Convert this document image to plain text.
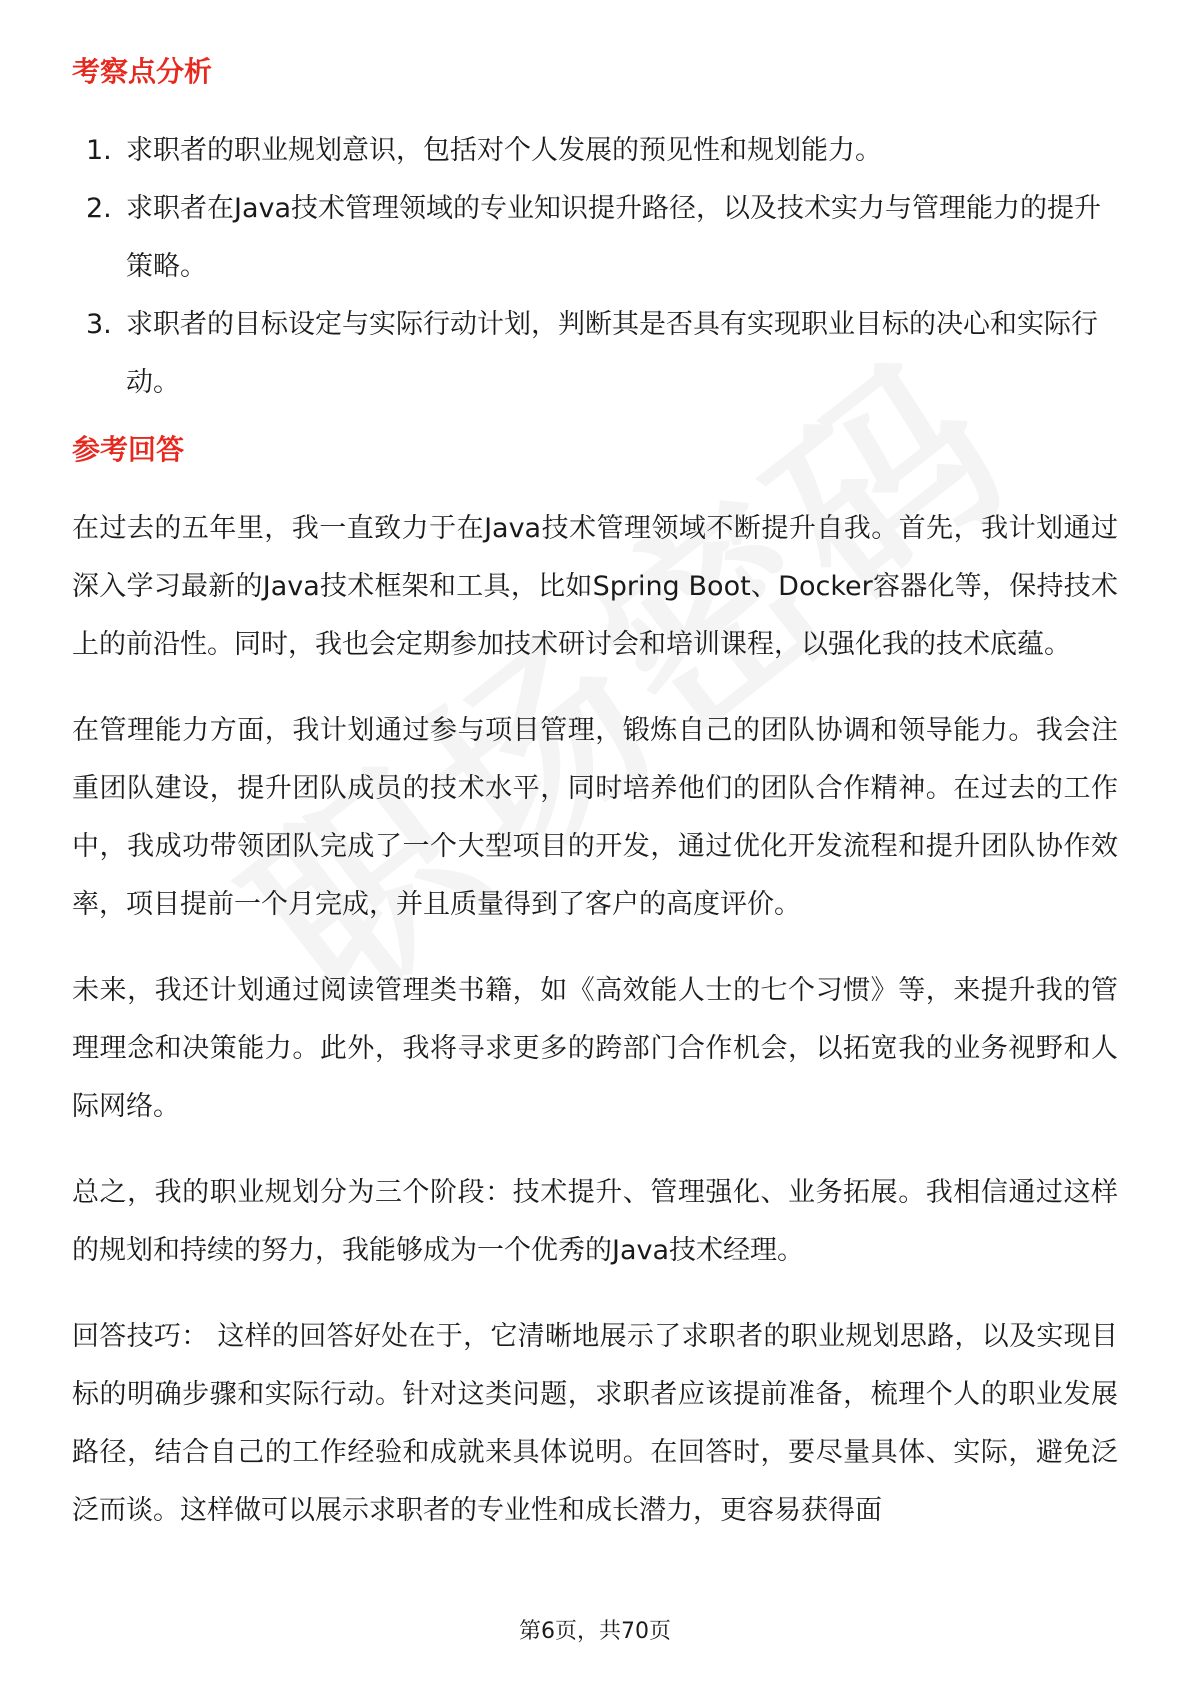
考察点分析
1. 求职者的职业规划意识，包括对个人发展的预见性和规划能力。
2. 求职者在Java技术管理领域的专业知识提升路径，以及技术实力与管理能力的提升策略。
3. 求职者的目标设定与实际行动计划，判断其是否具有实现职业目标的决心和实际行动。
参考回答

在过去的五年里，我一直致力于在Java技术管理领域不断提升自我。首先，我计划通过深入学习最新的Java技术框架和工具，比如Spring Boot、Docker容器化等，保持技术上的前沿性。同时，我也会定期参加技术研讨会和培训课程，以强化我的技术底蕴。

在管理能力方面，我计划通过参与项目管理，锻炼自己的团队协调和领导能力。我会注重团队建设，提升团队成员的技术水平，同时培养他们的团队合作精神。在过去的工作中，我成功带领团队完成了一个大型项目的开发，通过优化开发流程和提升团队协作效率，项目提前一个月完成，并且质量得到了客户的高度评价。

未来，我还计划通过阅读管理类书籍，如《高效能人士的七个习惯》等，来提升我的管理理念和决策能力。此外，我将寻求更多的跨部门合作机会，以拓宽我的业务视野和人际网络。

总之，我的职业规划分为三个阶段：技术提升、管理强化、业务拓展。我相信通过这样的规划和持续的努力，我能够成为一个优秀的Java技术经理。

回答技巧： 这样的回答好处在于，它清晰地展示了求职者的职业规划思路，以及实现目标的明确步骤和实际行动。针对这类问题，求职者应该提前准备，梳理个人的职业发展路径，结合自己的工作经验和成就来具体说明。在回答时，要尽量具体、实际，避免泛泛而谈。这样做可以展示求职者的专业性和成长潜力，更容易获得面

第6页，共70页
